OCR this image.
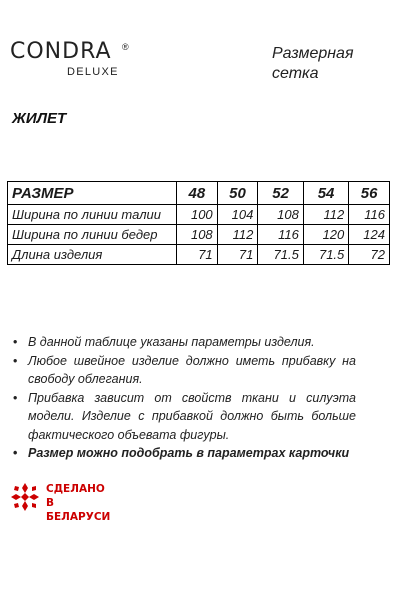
CONDRA ®
DELUXE
Размерная
сетка
ЖИЛЕТ
РАЗМЕР	48	50	52	54	56
Ширина по линии талии	100	104	108	112	116
Ширина по линии бедер	108	112	116	120	124
Длина изделия	71	71	71.5	71.5	72
• В данной таблице указаны параметры изделия.
• Любое швейное изделие должно иметь прибавку на свободу облегания.
• Прибавка зависит от свойств ткани и силуэта модели. Изделие с прибавкой должно быть больше фактического объевата фигуры.
• Размер можно подобрать в параметрах карточки
СДЕЛАНО
В БЕЛАРУСИ
